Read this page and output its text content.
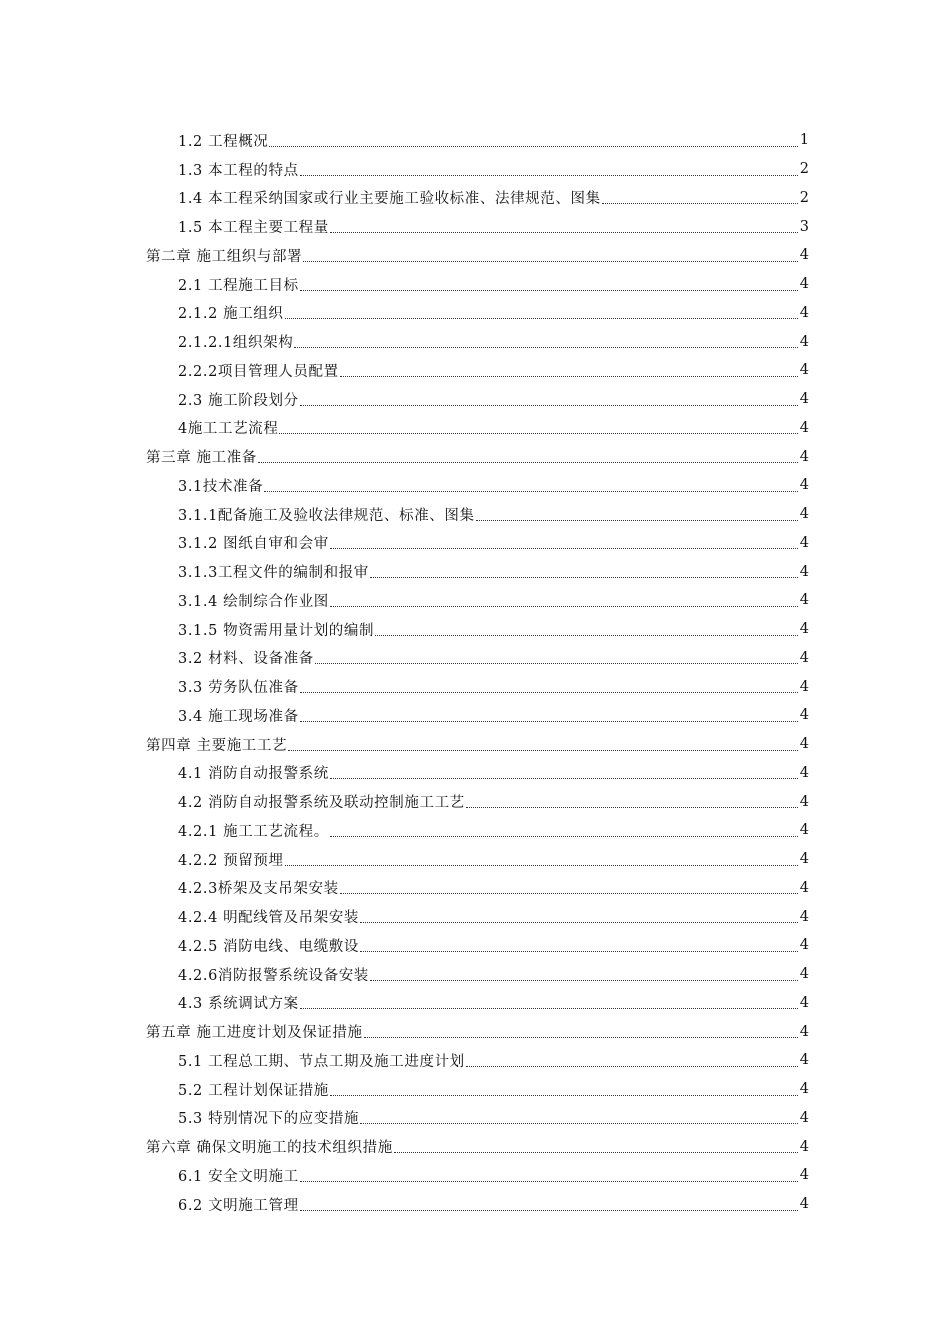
1.2 工程概况	1
1.3 本工程的特点	2
1.4 本工程采纳国家或行业主要施工验收标准、法律规范、图集	2
1.5 本工程主要工程量	3
第二章 施工组织与部署	4
2.1 工程施工目标	4
2.1.2 施工组织	4
2.1.2.1组织架构	4
2.2.2项目管理人员配置	4
2.3 施工阶段划分	4
4施工工艺流程	4
第三章 施工准备	4
3.1技术准备	4
3.1.1配备施工及验收法律规范、标准、图集	4
3.1.2 图纸自审和会审	4
3.1.3工程文件的编制和报审	4
3.1.4 绘制综合作业图	4
3.1.5 物资需用量计划的编制	4
3.2 材料、设备准备	4
3.3 劳务队伍准备	4
3.4 施工现场准备	4
第四章 主要施工工艺	4
4.1 消防自动报警系统	4
4.2 消防自动报警系统及联动控制施工工艺	4
4.2.1 施工工艺流程。	4
4.2.2 预留预埋	4
4.2.3桥架及支吊架安装	4
4.2.4 明配线管及吊架安装	4
4.2.5 消防电线、电缆敷设	4
4.2.6消防报警系统设备安装	4
4.3 系统调试方案	4
第五章 施工进度计划及保证措施	4
5.1 工程总工期、节点工期及施工进度计划	4
5.2 工程计划保证措施	4
5.3 特别情况下的应变措施	4
第六章 确保文明施工的技术组织措施	4
6.1 安全文明施工	4
6.2 文明施工管理	4
